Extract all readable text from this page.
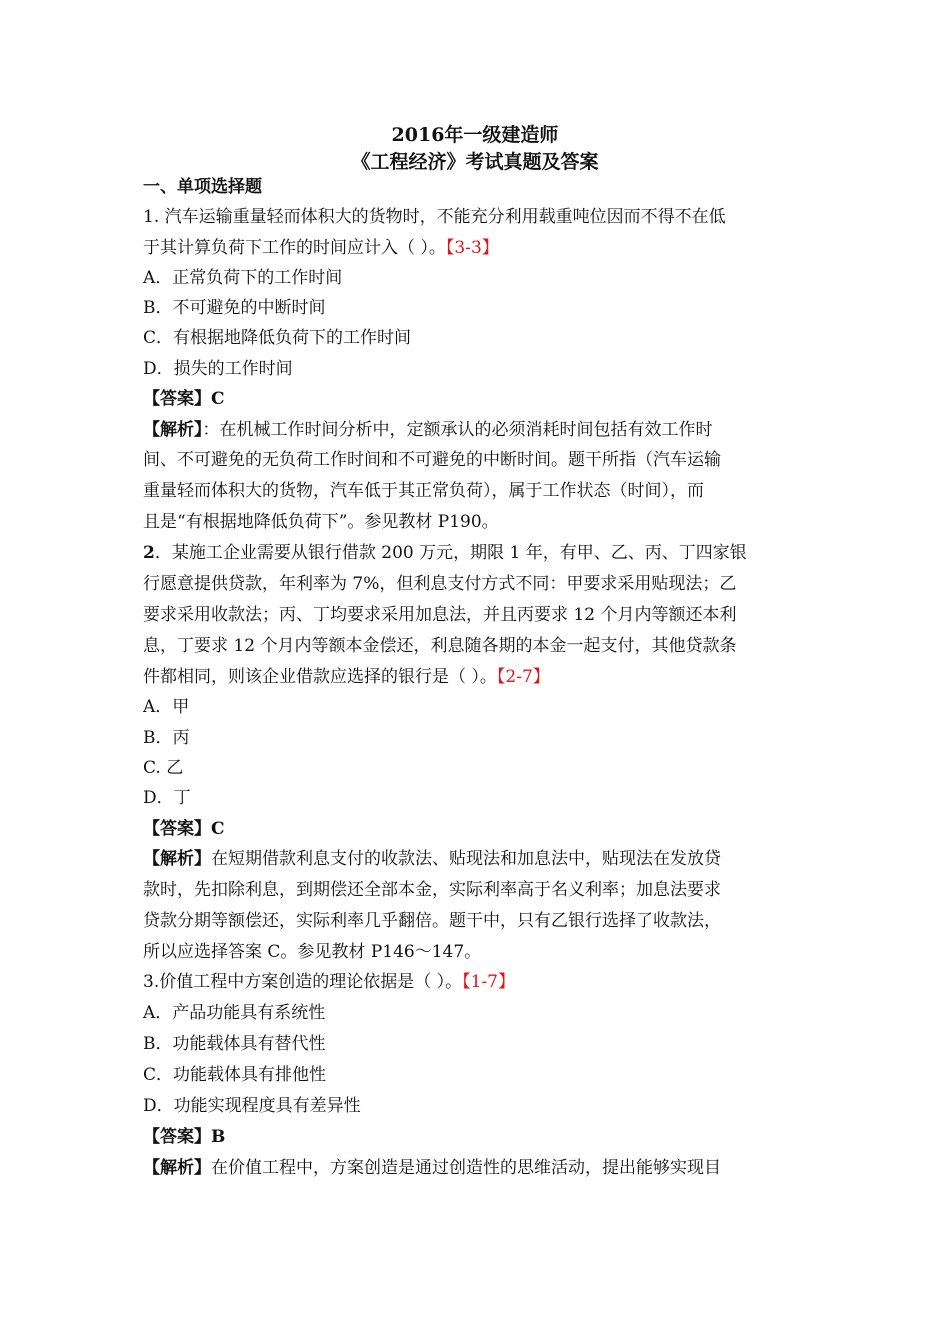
2016年一级建造师
《工程经济》考试真题及答案
一、单项选择题
1. 汽车运输重量轻而体积大的货物时，不能充分利用载重吨位因而不得不在低
于其计算负荷下工作的时间应计入（ ）。【3-3】
A．正常负荷下的工作时间
B．不可避免的中断时间
C．有根据地降低负荷下的工作时间
D．损失的工作时间
【答案】C
【解析】：在机械工作时间分析中，定额承认的必须消耗时间包括有效工作时
间、不可避免的无负荷工作时间和不可避免的中断时间。题干所指（汽车运输
重量轻而体积大的货物，汽车低于其正常负荷），属于工作状态（时间），而
且是“有根据地降低负荷下”。参见教材 P190。
2．某施工企业需要从银行借款 200 万元，期限 1 年，有甲、乙、丙、丁四家银
行愿意提供贷款，年利率为 7%，但利息支付方式不同：甲要求采用贴现法；乙
要求采用收款法；丙、丁均要求采用加息法，并且丙要求 12 个月内等额还本利
息，丁要求 12 个月内等额本金偿还，利息随各期的本金一起支付，其他贷款条
件都相同，则该企业借款应选择的银行是（ ）。【2-7】
A．甲
B．丙
C. 乙
D．丁
【答案】C
【解析】在短期借款利息支付的收款法、贴现法和加息法中，贴现法在发放贷
款时，先扣除利息，到期偿还全部本金，实际利率高于名义利率；加息法要求
贷款分期等额偿还，实际利率几乎翻倍。题干中，只有乙银行选择了收款法，
所以应选择答案 C。参见教材 P146～147。
3.价值工程中方案创造的理论依据是（ ）。【1-7】
A．产品功能具有系统性
B．功能载体具有替代性
C．功能载体具有排他性
D．功能实现程度具有差异性
【答案】B
【解析】在价值工程中，方案创造是通过创造性的思维活动，提出能够实现目
